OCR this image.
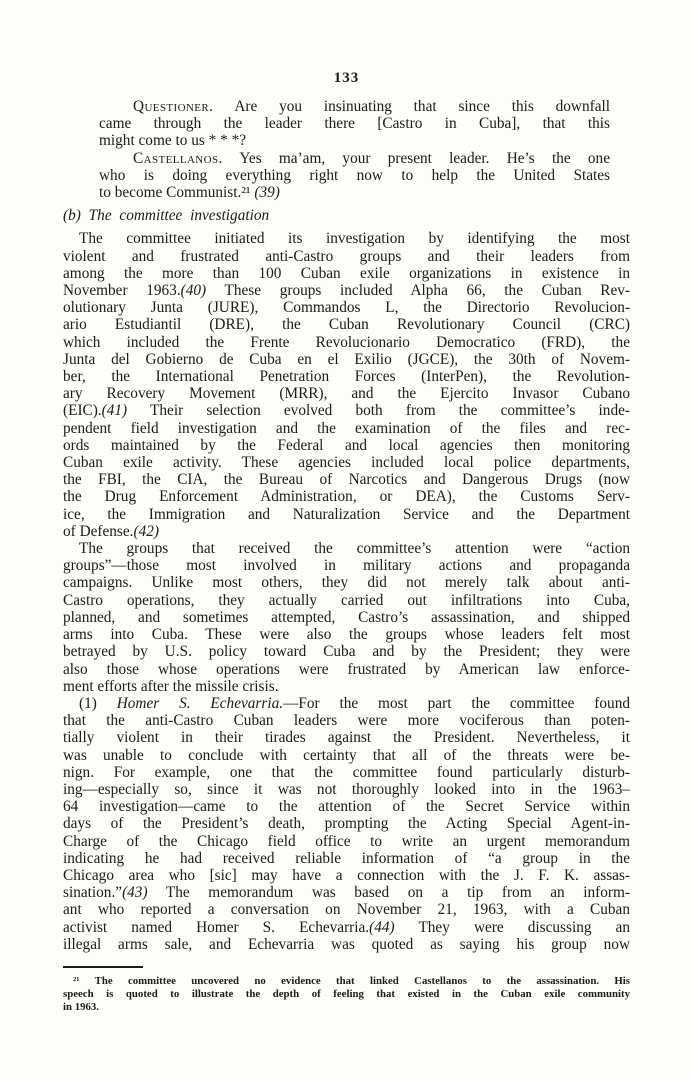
133
Questioner. Are you insinuating that since this downfall
came through the leader there [Castro in Cuba], that this
might come to us * * *?
Castellanos. Yes ma’am, your present leader. He’s the one
who is doing everything right now to help the United States
to become Communist.²¹ (39)
(b) The committee investigation
The committee initiated its investigation by identifying the most
violent and frustrated anti-Castro groups and their leaders from
among the more than 100 Cuban exile organizations in existence in
November 1963.(40) These groups included Alpha 66, the Cuban Rev-
olutionary Junta (JURE), Commandos L, the Directorio Revolucion-
ario Estudiantil (DRE), the Cuban Revolutionary Council (CRC)
which included the Frente Revolucionario Democratico (FRD), the
Junta del Gobierno de Cuba en el Exilio (JGCE), the 30th of Novem-
ber, the International Penetration Forces (InterPen), the Revolution-
ary Recovery Movement (MRR), and the Ejercito Invasor Cubano
(EIC).(41) Their selection evolved both from the committee’s inde-
pendent field investigation and the examination of the files and rec-
ords maintained by the Federal and local agencies then monitoring
Cuban exile activity. These agencies included local police departments,
the FBI, the CIA, the Bureau of Narcotics and Dangerous Drugs (now
the Drug Enforcement Administration, or DEA), the Customs Serv-
ice, the Immigration and Naturalization Service and the Department
of Defense.(42)
The groups that received the committee’s attention were “action
groups”—those most involved in military actions and propaganda
campaigns. Unlike most others, they did not merely talk about anti-
Castro operations, they actually carried out infiltrations into Cuba,
planned, and sometimes attempted, Castro’s assassination, and shipped
arms into Cuba. These were also the groups whose leaders felt most
betrayed by U.S. policy toward Cuba and by the President; they were
also those whose operations were frustrated by American law enforce-
ment efforts after the missile crisis.
(1) Homer S. Echevarria.—For the most part the committee found
that the anti-Castro Cuban leaders were more vociferous than poten-
tially violent in their tirades against the President. Nevertheless, it
was unable to conclude with certainty that all of the threats were be-
nign. For example, one that the committee found particularly disturb-
ing—especially so, since it was not thoroughly looked into in the 1963–
64 investigation—came to the attention of the Secret Service within
days of the President’s death, prompting the Acting Special Agent-in-
Charge of the Chicago field office to write an urgent memorandum
indicating he had received reliable information of “a group in the
Chicago area who [sic] may have a connection with the J. F. K. assas-
sination.”(43) The memorandum was based on a tip from an inform-
ant who reported a conversation on November 21, 1963, with a Cuban
activist named Homer S. Echevarria.(44) They were discussing an
illegal arms sale, and Echevarria was quoted as saying his group now
²¹ The committee uncovered no evidence that linked Castellanos to the assassination. His
speech is quoted to illustrate the depth of feeling that existed in the Cuban exile community
in 1963.
